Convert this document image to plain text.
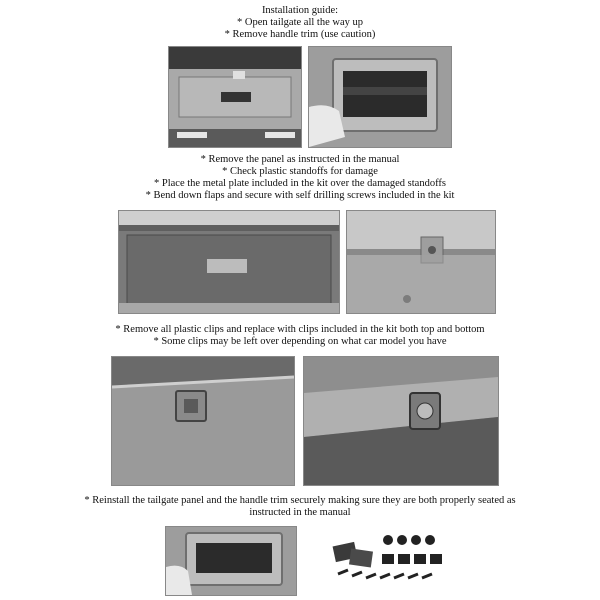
Installation guide:
* Open tailgate all the way up
* Remove handle trim (use caution)
* Remove the panel as instructed in the manual
* Check plastic standoffs for damage
* Place the metal plate included in the kit over the damaged standoffs
* Bend down flaps and secure with self drilling screws included in the kit
* Remove all plastic clips and replace with clips included in the kit both top and bottom
* Some clips may be left over depending on what car model you have
* Reinstall the tailgate panel and the handle trim securely making sure they are both properly seated as
instructed in the manual
